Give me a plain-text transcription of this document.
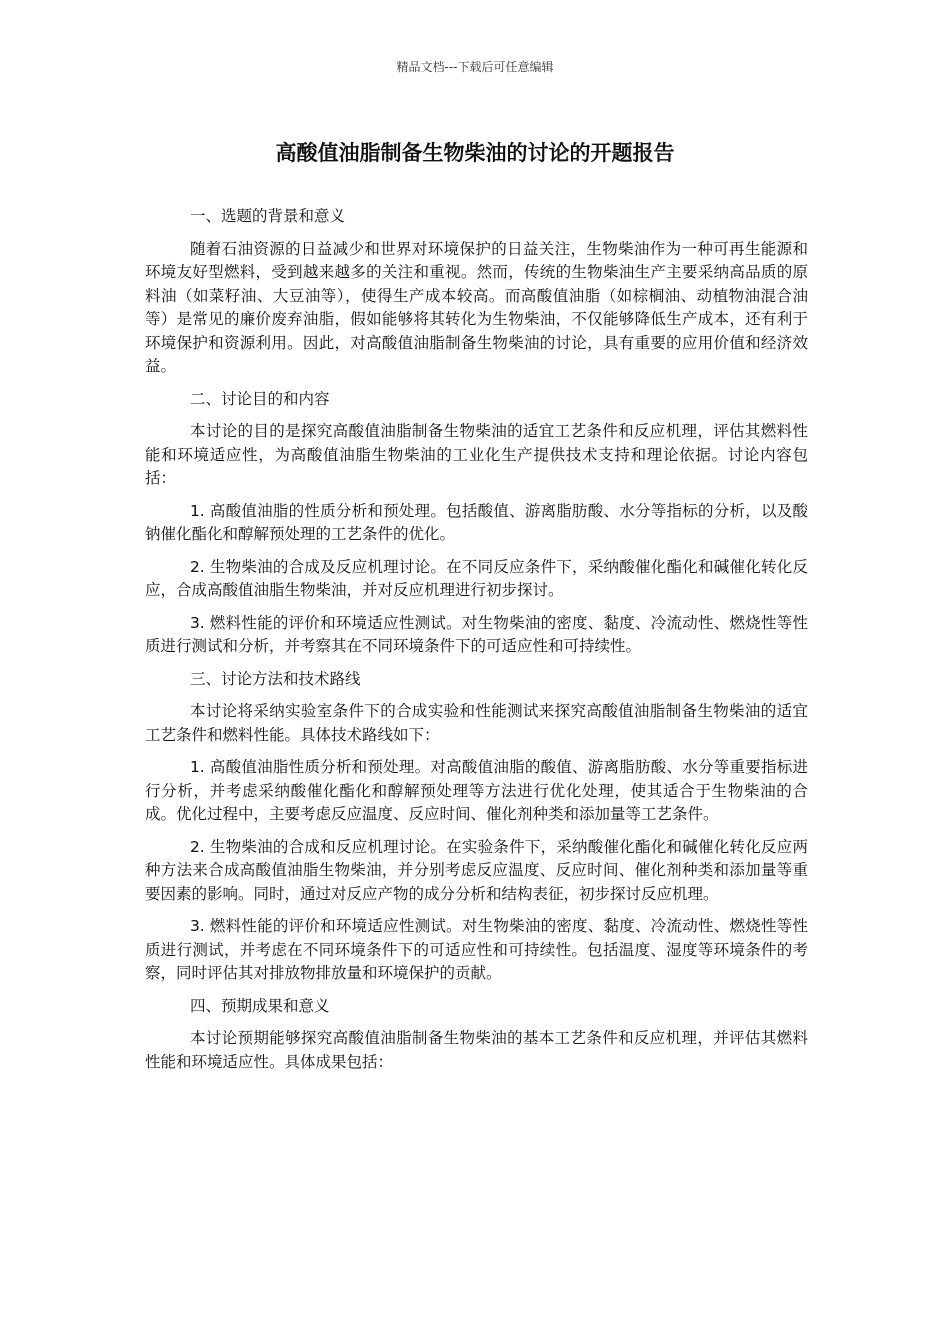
精品文档---下载后可任意编辑
高酸值油脂制备生物柴油的讨论的开题报告

一、选题的背景和意义

随着石油资源的日益减少和世界对环境保护的日益关注，生物柴油作为一种可再生能源和环境友好型燃料，受到越来越多的关注和重视。然而，传统的生物柴油生产主要采纳高品质的原料油（如菜籽油、大豆油等），使得生产成本较高。而高酸值油脂（如棕榈油、动植物油混合油等）是常见的廉价废弃油脂，假如能够将其转化为生物柴油，不仅能够降低生产成本，还有利于环境保护和资源利用。因此，对高酸值油脂制备生物柴油的讨论，具有重要的应用价值和经济效益。

二、讨论目的和内容

本讨论的目的是探究高酸值油脂制备生物柴油的适宜工艺条件和反应机理，评估其燃料性能和环境适应性，为高酸值油脂生物柴油的工业化生产提供技术支持和理论依据。讨论内容包括：

1. 高酸值油脂的性质分析和预处理。包括酸值、游离脂肪酸、水分等指标的分析，以及酸钠催化酯化和醇解预处理的工艺条件的优化。

2. 生物柴油的合成及反应机理讨论。在不同反应条件下，采纳酸催化酯化和碱催化转化反应，合成高酸值油脂生物柴油，并对反应机理进行初步探讨。

3. 燃料性能的评价和环境适应性测试。对生物柴油的密度、黏度、冷流动性、燃烧性等性质进行测试和分析，并考察其在不同环境条件下的可适应性和可持续性。

三、讨论方法和技术路线

本讨论将采纳实验室条件下的合成实验和性能测试来探究高酸值油脂制备生物柴油的适宜工艺条件和燃料性能。具体技术路线如下：

1. 高酸值油脂性质分析和预处理。对高酸值油脂的酸值、游离脂肪酸、水分等重要指标进行分析，并考虑采纳酸催化酯化和醇解预处理等方法进行优化处理，使其适合于生物柴油的合成。优化过程中，主要考虑反应温度、反应时间、催化剂种类和添加量等工艺条件。

2. 生物柴油的合成和反应机理讨论。在实验条件下，采纳酸催化酯化和碱催化转化反应两种方法来合成高酸值油脂生物柴油，并分别考虑反应温度、反应时间、催化剂种类和添加量等重要因素的影响。同时，通过对反应产物的成分分析和结构表征，初步探讨反应机理。

3. 燃料性能的评价和环境适应性测试。对生物柴油的密度、黏度、冷流动性、燃烧性等性质进行测试，并考虑在不同环境条件下的可适应性和可持续性。包括温度、湿度等环境条件的考察，同时评估其对排放物排放量和环境保护的贡献。

四、预期成果和意义

本讨论预期能够探究高酸值油脂制备生物柴油的基本工艺条件和反应机理，并评估其燃料性能和环境适应性。具体成果包括：
